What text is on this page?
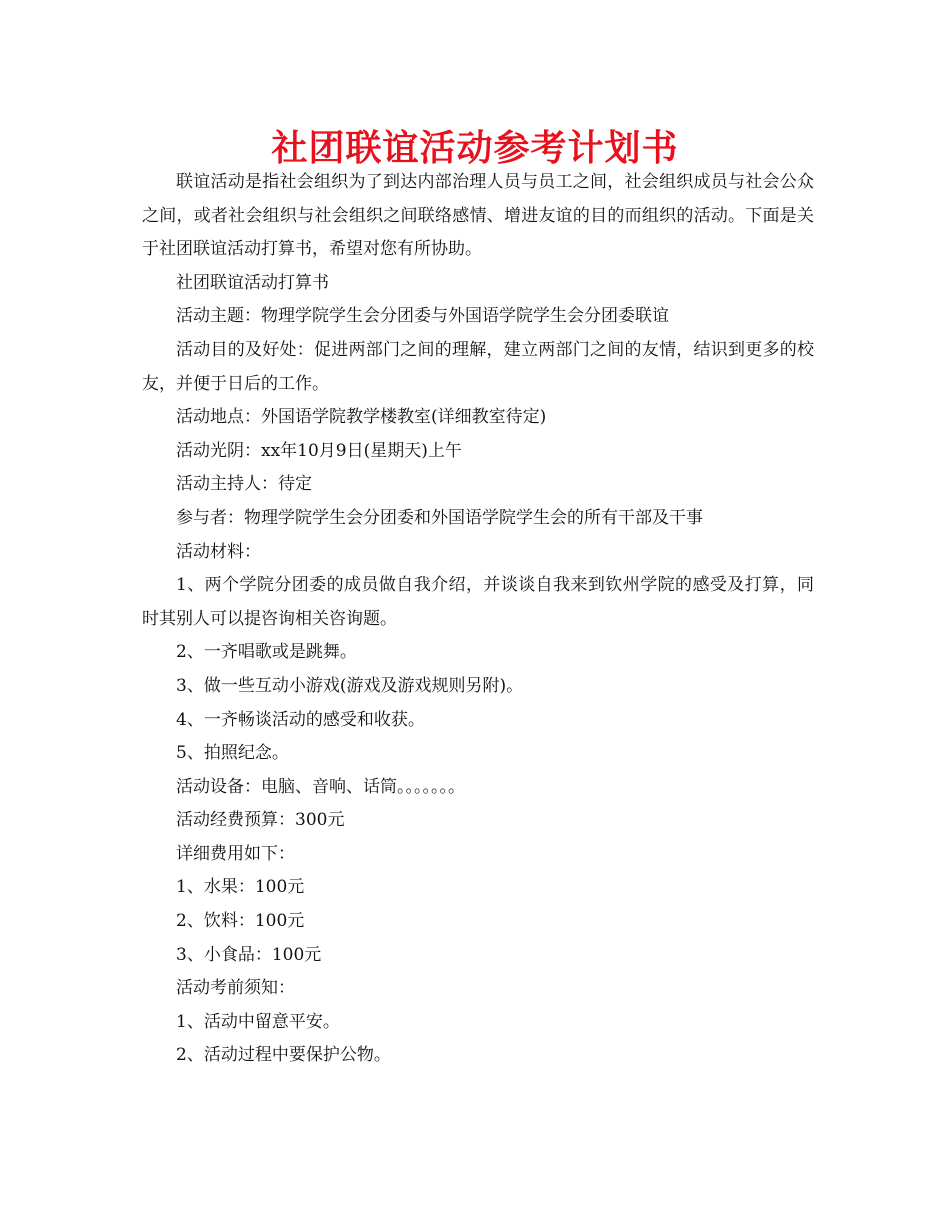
社团联谊活动参考计划书

联谊活动是指社会组织为了到达内部治理人员与员工之间，社会组织成员与社会公众之间，或者社会组织与社会组织之间联络感情、增进友谊的目的而组织的活动。下面是关于社团联谊活动打算书，希望对您有所协助。

社团联谊活动打算书

活动主题：物理学院学生会分团委与外国语学院学生会分团委联谊

活动目的及好处：促进两部门之间的理解，建立两部门之间的友情，结识到更多的校友，并便于日后的工作。

活动地点：外国语学院教学楼教室(详细教室待定)

活动光阴：xx年10月9日(星期天)上午

活动主持人：待定

参与者：物理学院学生会分团委和外国语学院学生会的所有干部及干事

活动材料：

1、两个学院分团委的成员做自我介绍，并谈谈自我来到钦州学院的感受及打算，同时其别人可以提咨询相关咨询题。

2、一齐唱歌或是跳舞。

3、做一些互动小游戏(游戏及游戏规则另附)。

4、一齐畅谈活动的感受和收获。

5、拍照纪念。

活动设备：电脑、音响、话筒。。。。。。。

活动经费预算：300元

详细费用如下：

1、水果：100元

2、饮料：100元

3、小食品：100元

活动考前须知：

1、活动中留意平安。

2、活动过程中要保护公物。
